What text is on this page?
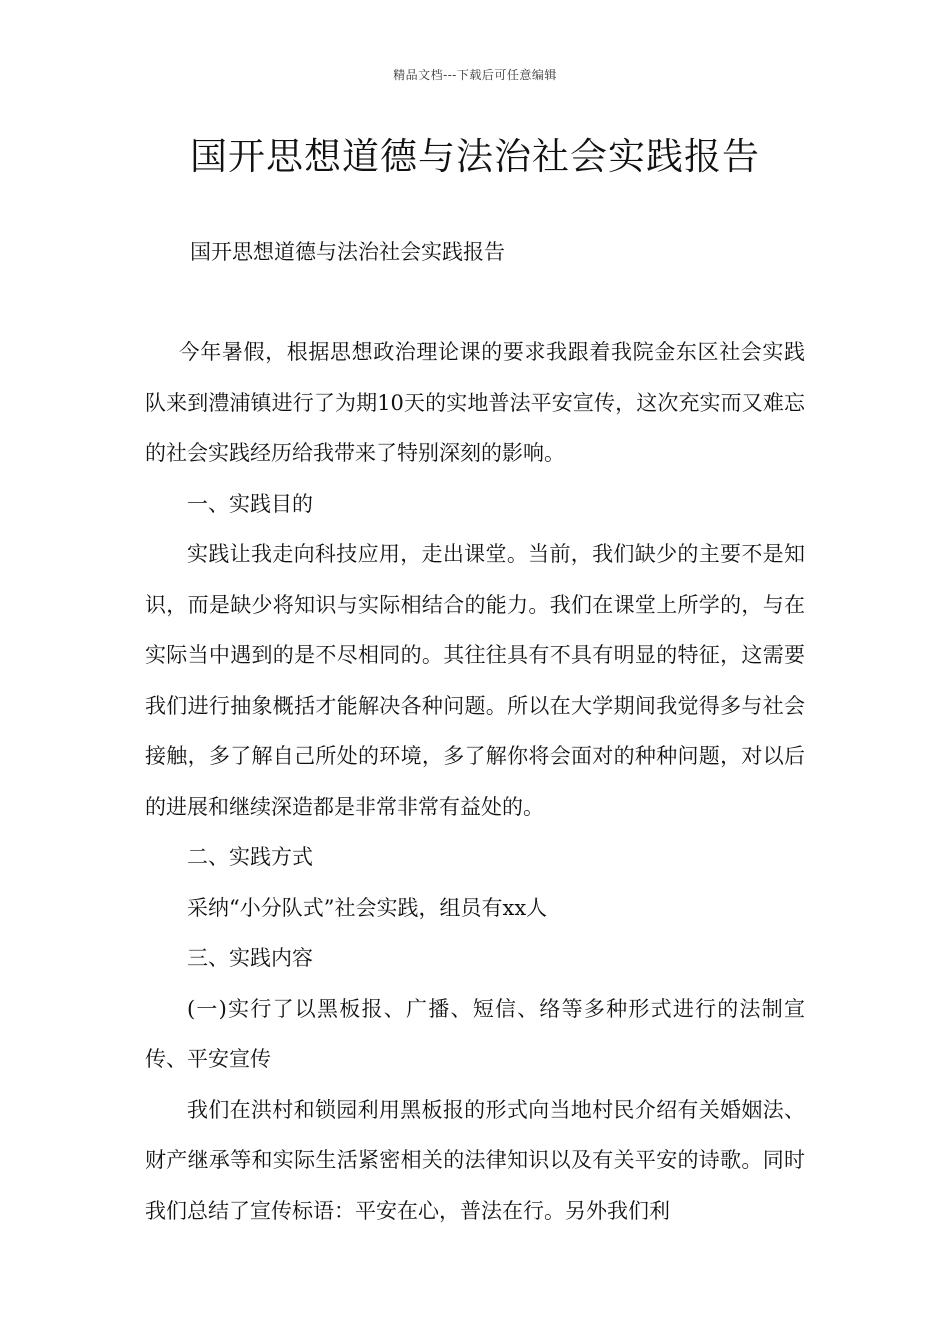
精品文档---下载后可任意编辑
国开思想道德与法治社会实践报告

国开思想道德与法治社会实践报告

今年暑假，根据思想政治理论课的要求我跟着我院金东区社会实践队来到澧浦镇进行了为期10天的实地普法平安宣传，这次充实而又难忘的社会实践经历给我带来了特别深刻的影响。

一、实践目的

实践让我走向科技应用，走出课堂。当前，我们缺少的主要不是知识，而是缺少将知识与实际相结合的能力。我们在课堂上所学的，与在实际当中遇到的是不尽相同的。其往往具有不具有明显的特征，这需要我们进行抽象概括才能解决各种问题。所以在大学期间我觉得多与社会接触，多了解自己所处的环境，多了解你将会面对的种种问题，对以后的进展和继续深造都是非常非常有益处的。

二、实践方式

采纳“小分队式”社会实践，组员有xx人

三、实践内容

(一)实行了以黑板报、广播、短信、络等多种形式进行的法制宣传、平安宣传

我们在洪村和锁园利用黑板报的形式向当地村民介绍有关婚姻法、财产继承等和实际生活紧密相关的法律知识以及有关平安的诗歌。同时我们总结了宣传标语：平安在心，普法在行。另外我们利
